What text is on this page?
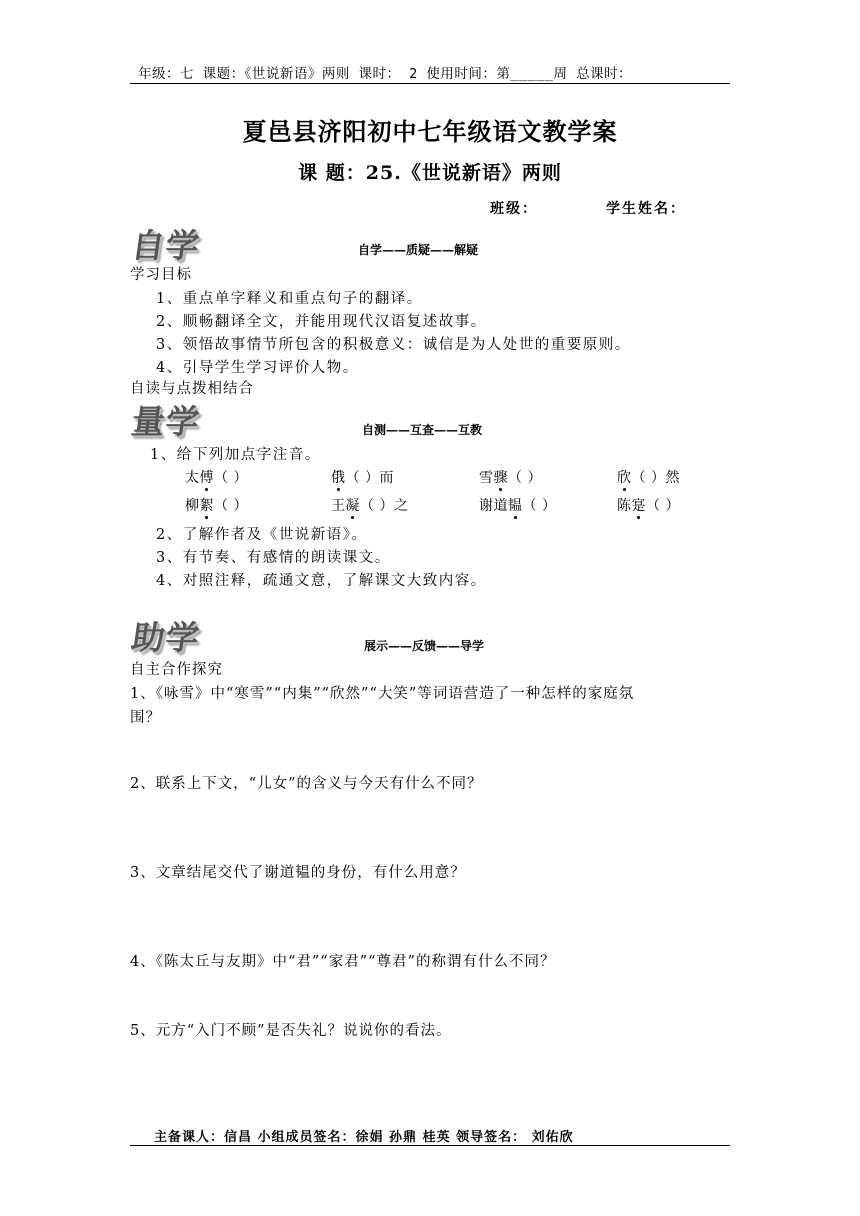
年级：七 课题：《世说新语》两则 课时： 2 使用时间：第_____周 总课时：
夏邑县济阳初中七年级语文教学案
课 题：25.《世说新语》两则
班级：	学生姓名：
自学	自学——质疑——解疑
学习目标
1、重点单字释义和重点句子的翻译。
2、顺畅翻译全文，并能用现代汉语复述故事。
3、领悟故事情节所包含的积极意义：诚信是为人处世的重要原则。
4、引导学生学习评价人物。
自读与点拨相结合
量学	自测——互查——互教
1、给下列加点字注音。
太傅（ ）	俄（ ）而	雪骤（ ）	欣（ ）然
柳絮（ ）	王凝（ ）之	谢道韫（ ）	陈寔（ ）
2、了解作者及《世说新语》。
3、有节奏、有感情的朗读课文。
4、对照注释，疏通文意，了解课文大致内容。
助学	展示——反馈——导学
自主合作探究
1、《咏雪》中“寒雪”“内集”“欣然”“大笑”等词语营造了一种怎样的家庭氛
围？
2、联系上下文，“儿女”的含义与今天有什么不同？
3、文章结尾交代了谢道韫的身份，有什么用意？
4、《陈太丘与友期》中“君”“家君”“尊君”的称谓有什么不同？
5、元方“入门不顾”是否失礼？说说你的看法。
主备课人：信昌 小组成员签名：徐娟 孙鼎 桂英 领导签名： 刘佑欣
